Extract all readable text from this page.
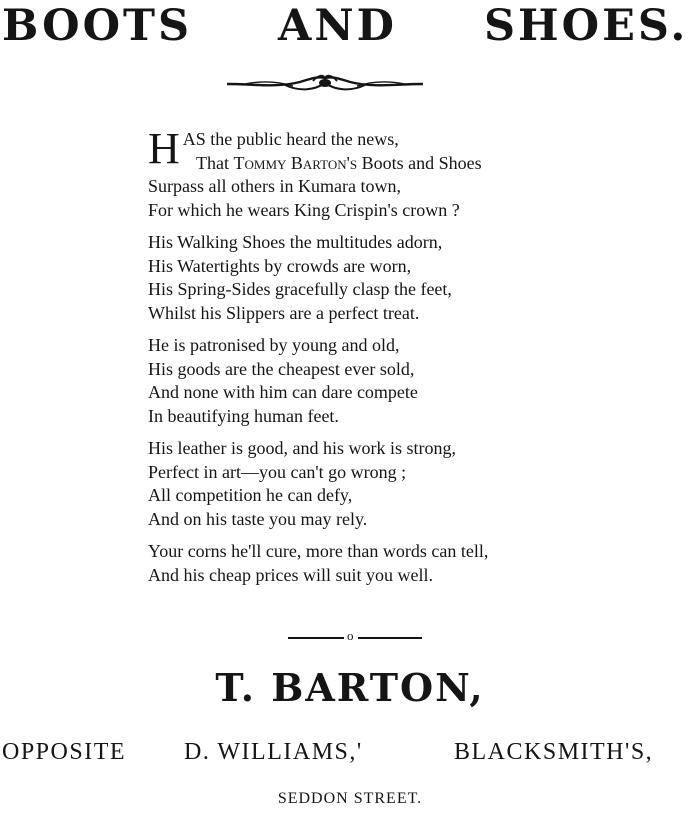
BOOTS AND SHOES.
H AS the public heard the news,
That Tommy Barton's Boots and Shoes
Surpass all others in Kumara town,
For which he wears King Crispin's crown ?
His Walking Shoes the multitudes adorn,
His Watertights by crowds are worn,
His Spring-Sides gracefully clasp the feet,
Whilst his Slippers are a perfect treat.
He is patronised by young and old,
His goods are the cheapest ever sold,
And none with him can dare compete
In beautifying human feet.
His leather is good, and his work is strong,
Perfect in art—you can't go wrong ;
All competition he can defy,
And on his taste you may rely.
Your corns he'll cure, more than words can tell,
And his cheap prices will suit you well.
o
T. BARTON,
OPPOSITE D. WILLIAMS,'	BLACKSMITH'S,
SEDDON STREET.
